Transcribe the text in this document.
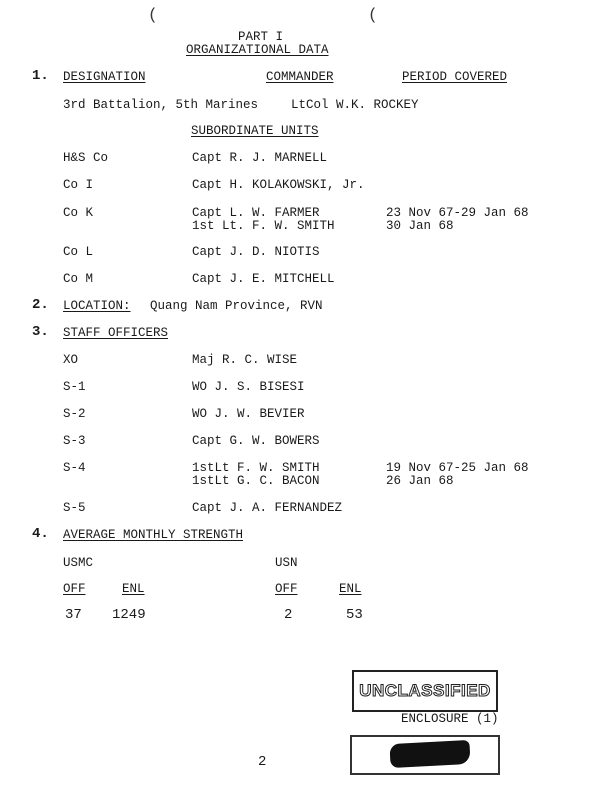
(	(
PART I
ORGANIZATIONAL DATA
1. DESIGNATION	COMMANDER	PERIOD COVERED
3rd Battalion, 5th Marines	LtCol W.K. ROCKEY
SUBORDINATE UNITS
H&S Co	Capt R. J. MARNELL
Co I	Capt H. KOLAKOWSKI, Jr.
Co K	Capt L. W. FARMER	23 Nov 67-29 Jan 68
1st Lt. F. W. SMITH	30 Jan 68
Co L	Capt J. D. NIOTIS
Co M	Capt J. E. MITCHELL
2. LOCATION: Quang Nam Province, RVN
3. STAFF OFFICERS
XO	Maj R. C. WISE
S-1	WO J. S. BISESI
S-2	WO J. W. BEVIER
S-3	Capt G. W. BOWERS
S-4	1stLt F. W. SMITH	19 Nov 67-25 Jan 68
1stLt G. C. BACON	26 Jan 68
S-5	Capt J. A. FERNANDEZ
4. AVERAGE MONTHLY STRENGTH
USMC	USN
OFF	ENL	OFF	ENL
37 1249	2	53
UNCLASSIFIED
ENCLOSURE (1)
2
